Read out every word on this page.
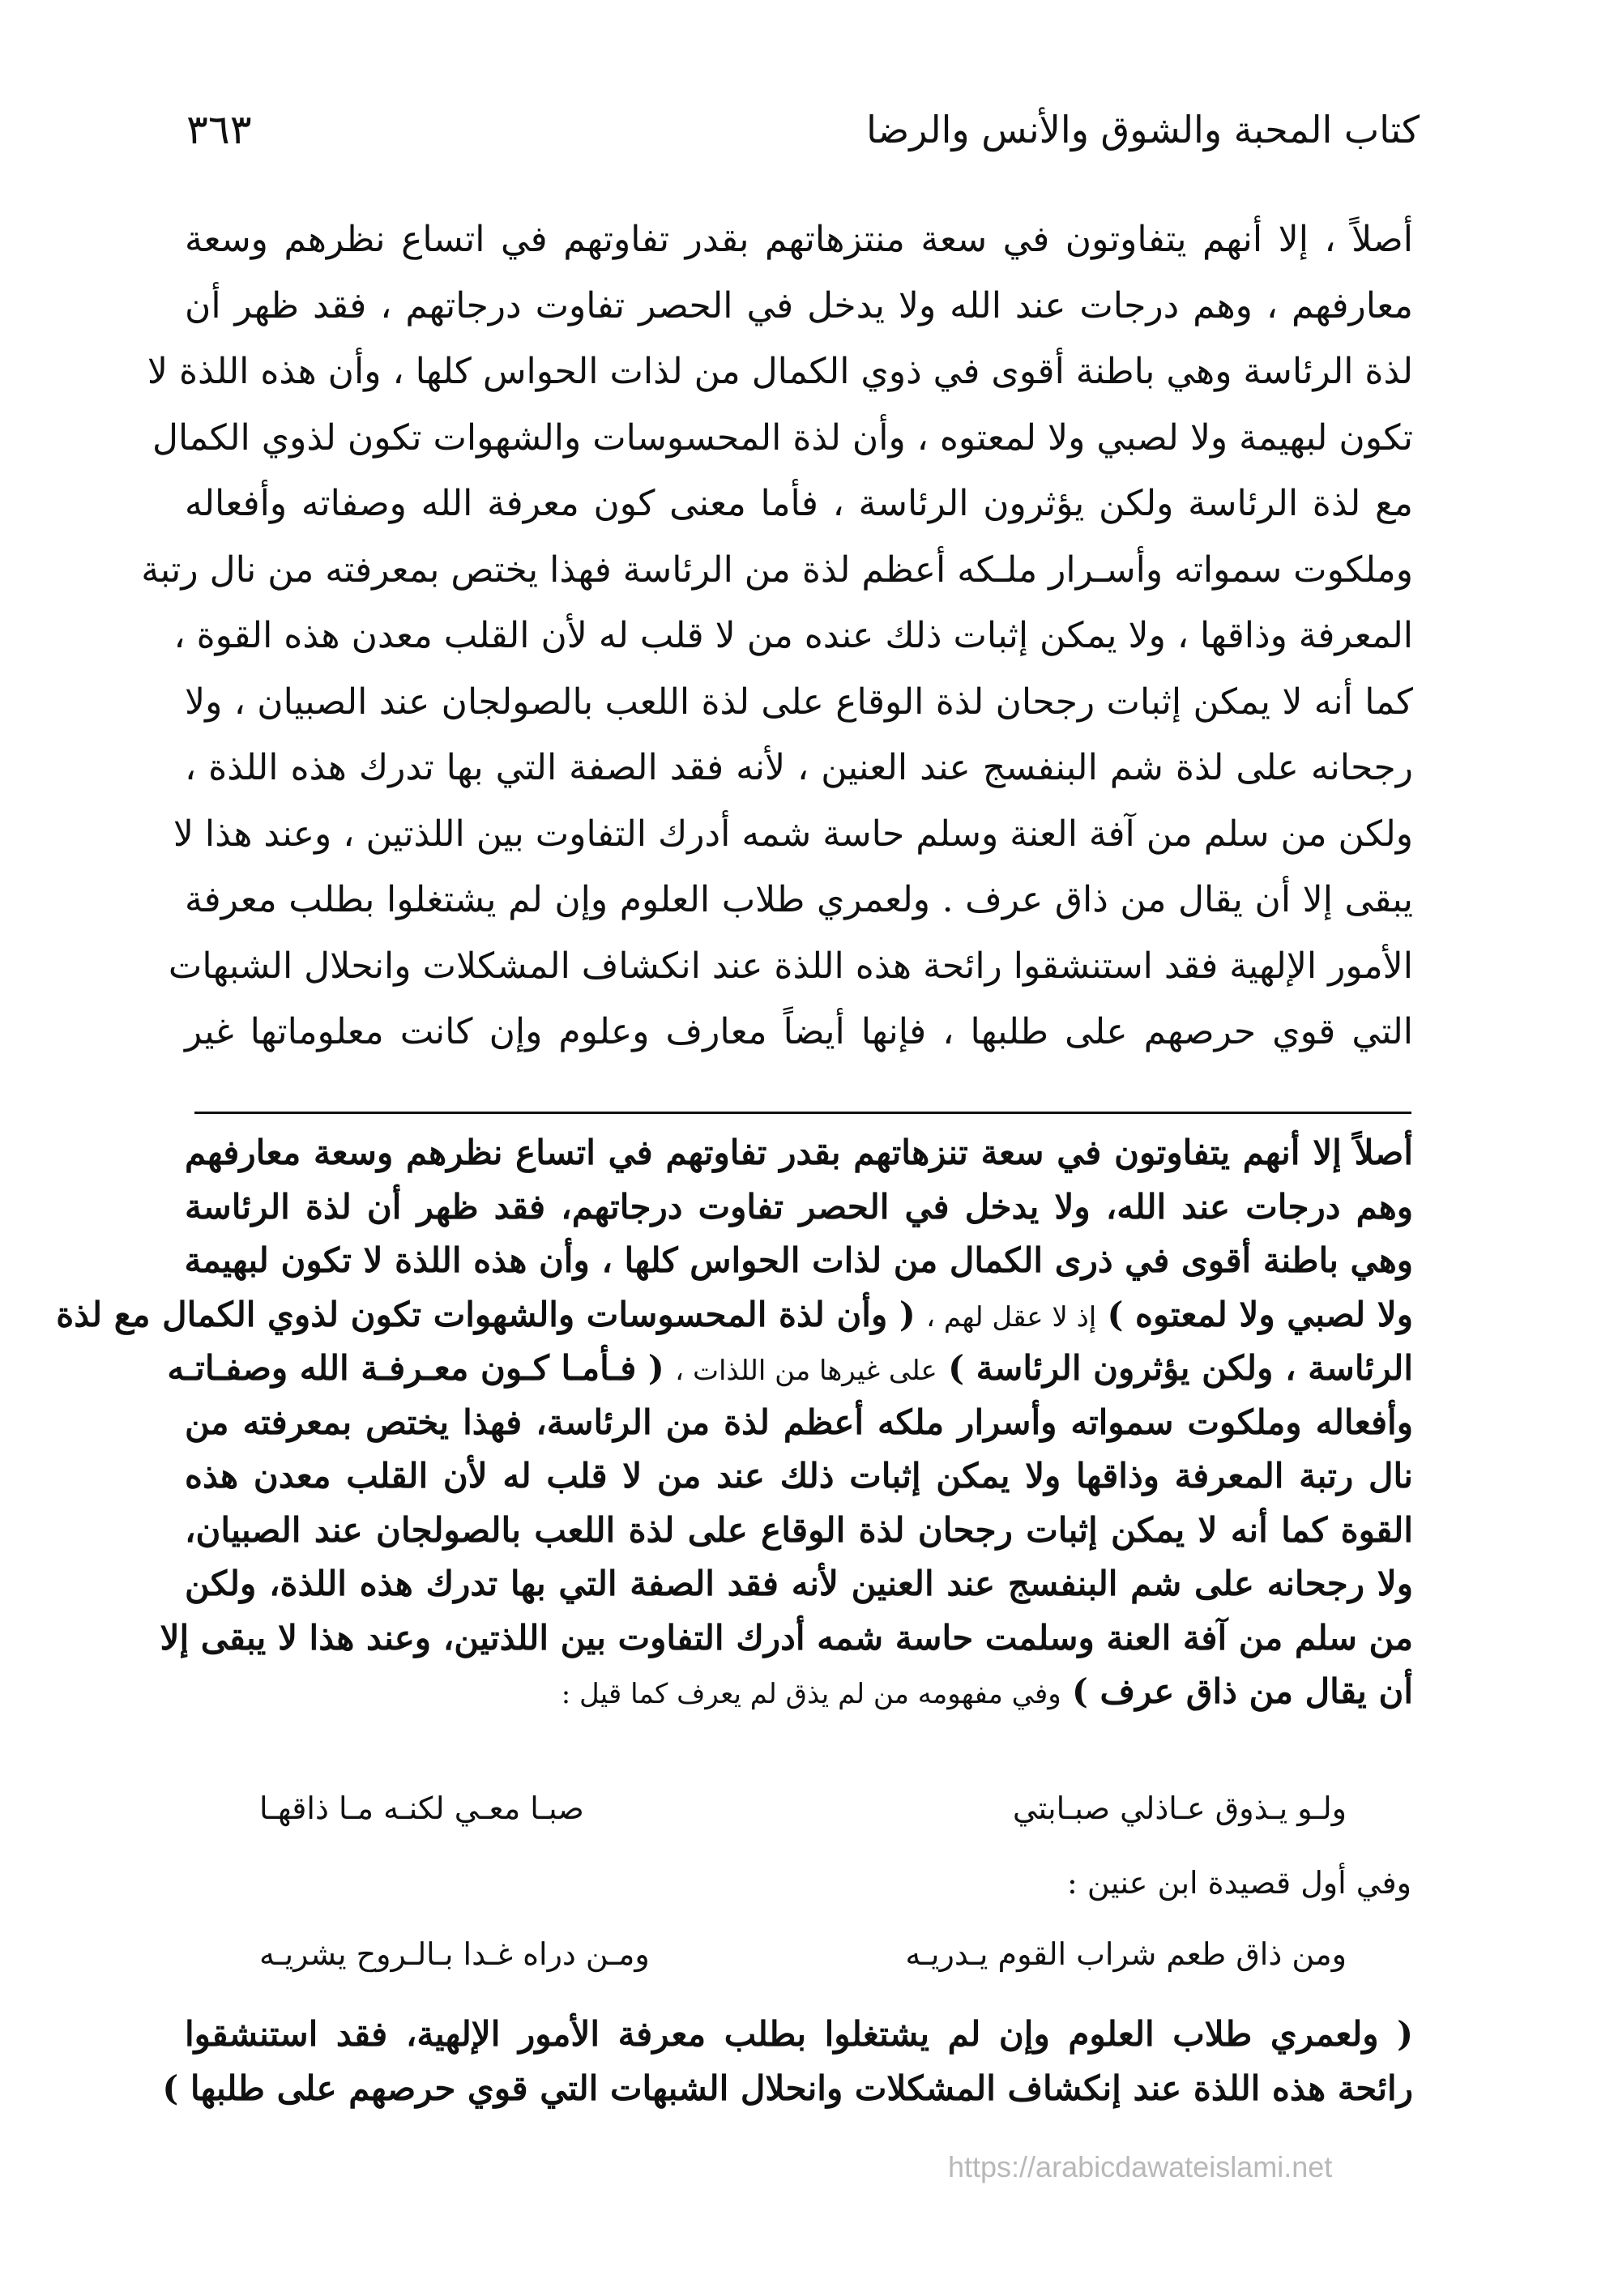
كتاب المحبة والشوق والأنس والرضا
٣٦٣
أصلاً ، إلا أنهم يتفاوتون في سعة منتزهاتهم بقدر تفاوتهم في اتساع نظرهم وسعة
معارفهم ، وهم درجات عند الله ولا يدخل في الحصر تفاوت درجاتهم ، فقد ظهر أن
لذة الرئاسة وهي باطنة أقوى في ذوي الكمال من لذات الحواس كلها ، وأن هذه اللذة لا
تكون لبهيمة ولا لصبي ولا لمعتوه ، وأن لذة المحسوسات والشهوات تكون لذوي الكمال
مع لذة الرئاسة ولكن يؤثرون الرئاسة ، فأما معنى كون معرفة الله وصفاته وأفعاله
وملكوت سمواته وأسـرار ملـكه أعظم لذة من الرئاسة فهذا يختص بمعرفته من نال رتبة
المعرفة وذاقها ، ولا يمكن إثبات ذلك عنده من لا قلب له لأن القلب معدن هذه القوة ،
كما أنه لا يمكن إثبات رجحان لذة الوقاع على لذة اللعب بالصولجان عند الصبيان ، ولا
رجحانه على لذة شم البنفسج عند العنين ، لأنه فقد الصفة التي بها تدرك هذه اللذة ،
ولكن من سلم من آفة العنة وسلم حاسة شمه أدرك التفاوت بين اللذتين ، وعند هذا لا
يبقى إلا أن يقال من ذاق عرف . ولعمري طلاب العلوم وإن لم يشتغلوا بطلب معرفة
الأمور الإلهية فقد استنشقوا رائحة هذه اللذة عند انكشاف المشكلات وانحلال الشبهات
التي قوي حرصهم على طلبها ، فإنها أيضاً معارف وعلوم وإن كانت معلوماتها غير
أصلاً إلا أنهم يتفاوتون في سعة تنزهاتهم بقدر تفاوتهم في اتساع نظرهم وسعة معارفهم
وهم درجات عند الله، ولا يدخل في الحصر تفاوت درجاتهم، فقد ظهر أن لذة الرئاسة
وهي باطنة أقوى في ذرى الكمال من لذات الحواس كلها ، وأن هذه اللذة لا تكون لبهيمة
ولا لصبي ولا لمعتوه ) إذ لا عقل لهم ، ( وأن لذة المحسوسات والشهوات تكون لذوي الكمال مع لذة
الرئاسة ، ولكن يؤثرون الرئاسة ) على غيرها من اللذات ، ( فـأمـا كـون معـرفـة الله وصفـاتـه
وأفعاله وملكوت سمواته وأسرار ملكه أعظم لذة من الرئاسة، فهذا يختص بمعرفته من
نال رتبة المعرفة وذاقها ولا يمكن إثبات ذلك عند من لا قلب له لأن القلب معدن هذه
القوة كما أنه لا يمكن إثبات رجحان لذة الوقاع على لذة اللعب بالصولجان عند الصبيان،
ولا رجحانه على شم البنفسج عند العنين لأنه فقد الصفة التي بها تدرك هذه اللذة، ولكن
من سلم من آفة العنة وسلمت حاسة شمه أدرك التفاوت بين اللذتين، وعند هذا لا يبقى إلا
أن يقال من ذاق عرف ) وفي مفهومه من لم يذق لم يعرف كما قيل :
ولـو يـذوق عـاذلي صبـابتي
صبـا معـي لكنـه مـا ذاقهـا
وفي أول قصيدة ابن عنين :
ومن ذاق طعم شراب القوم يـدريـه
ومـن دراه غـدا بـالـروح يشريـه
( ولعمري طلاب العلوم وإن لم يشتغلوا بطلب معرفة الأمور الإلهية، فقد استنشقوا
رائحة هذه اللذة عند إنكشاف المشكلات وانحلال الشبهات التي قوي حرصهم على طلبها )
https://arabicdawateislami.net
